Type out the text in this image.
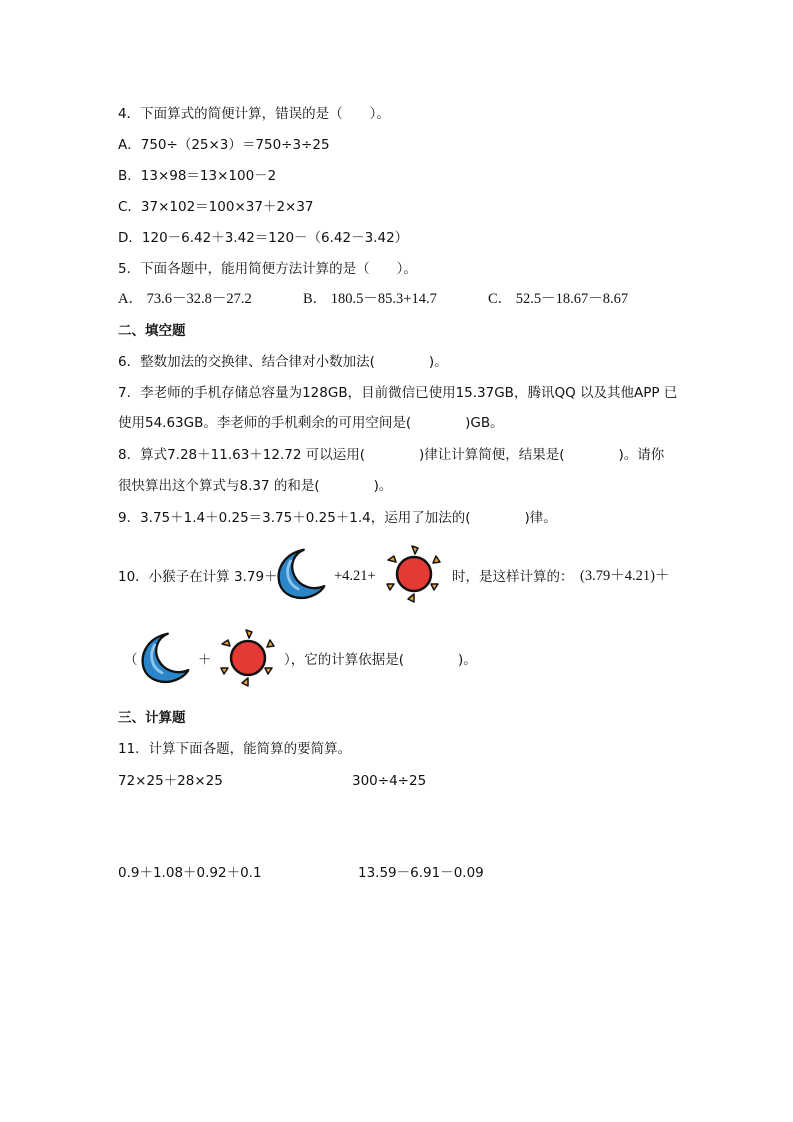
4．下面算式的简便计算，错误的是（　　）。
A．750÷（25×3）＝750÷3÷25
B．13×98＝13×100－2
C．37×102＝100×37＋2×37
D．120－6.42＋3.42＝120－（6.42－3.42）
5．下面各题中，能用简便方法计算的是（　　）。
A． 73.6－32.8－27.2	B． 180.5－85.3+14.7	C． 52.5－18.67－8.67
二、填空题
6．整数加法的交换律、结合律对小数加法(　　　　)。
7．李老师的手机存储总容量为128GB，目前微信已使用15.37GB，腾讯QQ 以及其他APP 已
使用54.63GB。李老师的手机剩余的可用空间是(　　　　)GB。
8．算式7.28＋11.63＋12.72 可以运用(　　　　)律让计算简便，结果是(　　　　)。请你
很快算出这个算式与8.37 的和是(　　　　)。
9．3.75＋1.4＋0.25＝3.75＋0.25＋1.4，运用了加法的(　　　　)律。
10．小猴子在计算 3.79＋	+4.21+	时，是这样计算的： (3.79＋4.21)＋
（	＋	），它的计算依据是(　　　　)。
三、计算题
11．计算下面各题，能简算的要简算。
72×25＋28×25	300÷4÷25
0.9＋1.08＋0.92＋0.1	13.59－6.91－0.09
